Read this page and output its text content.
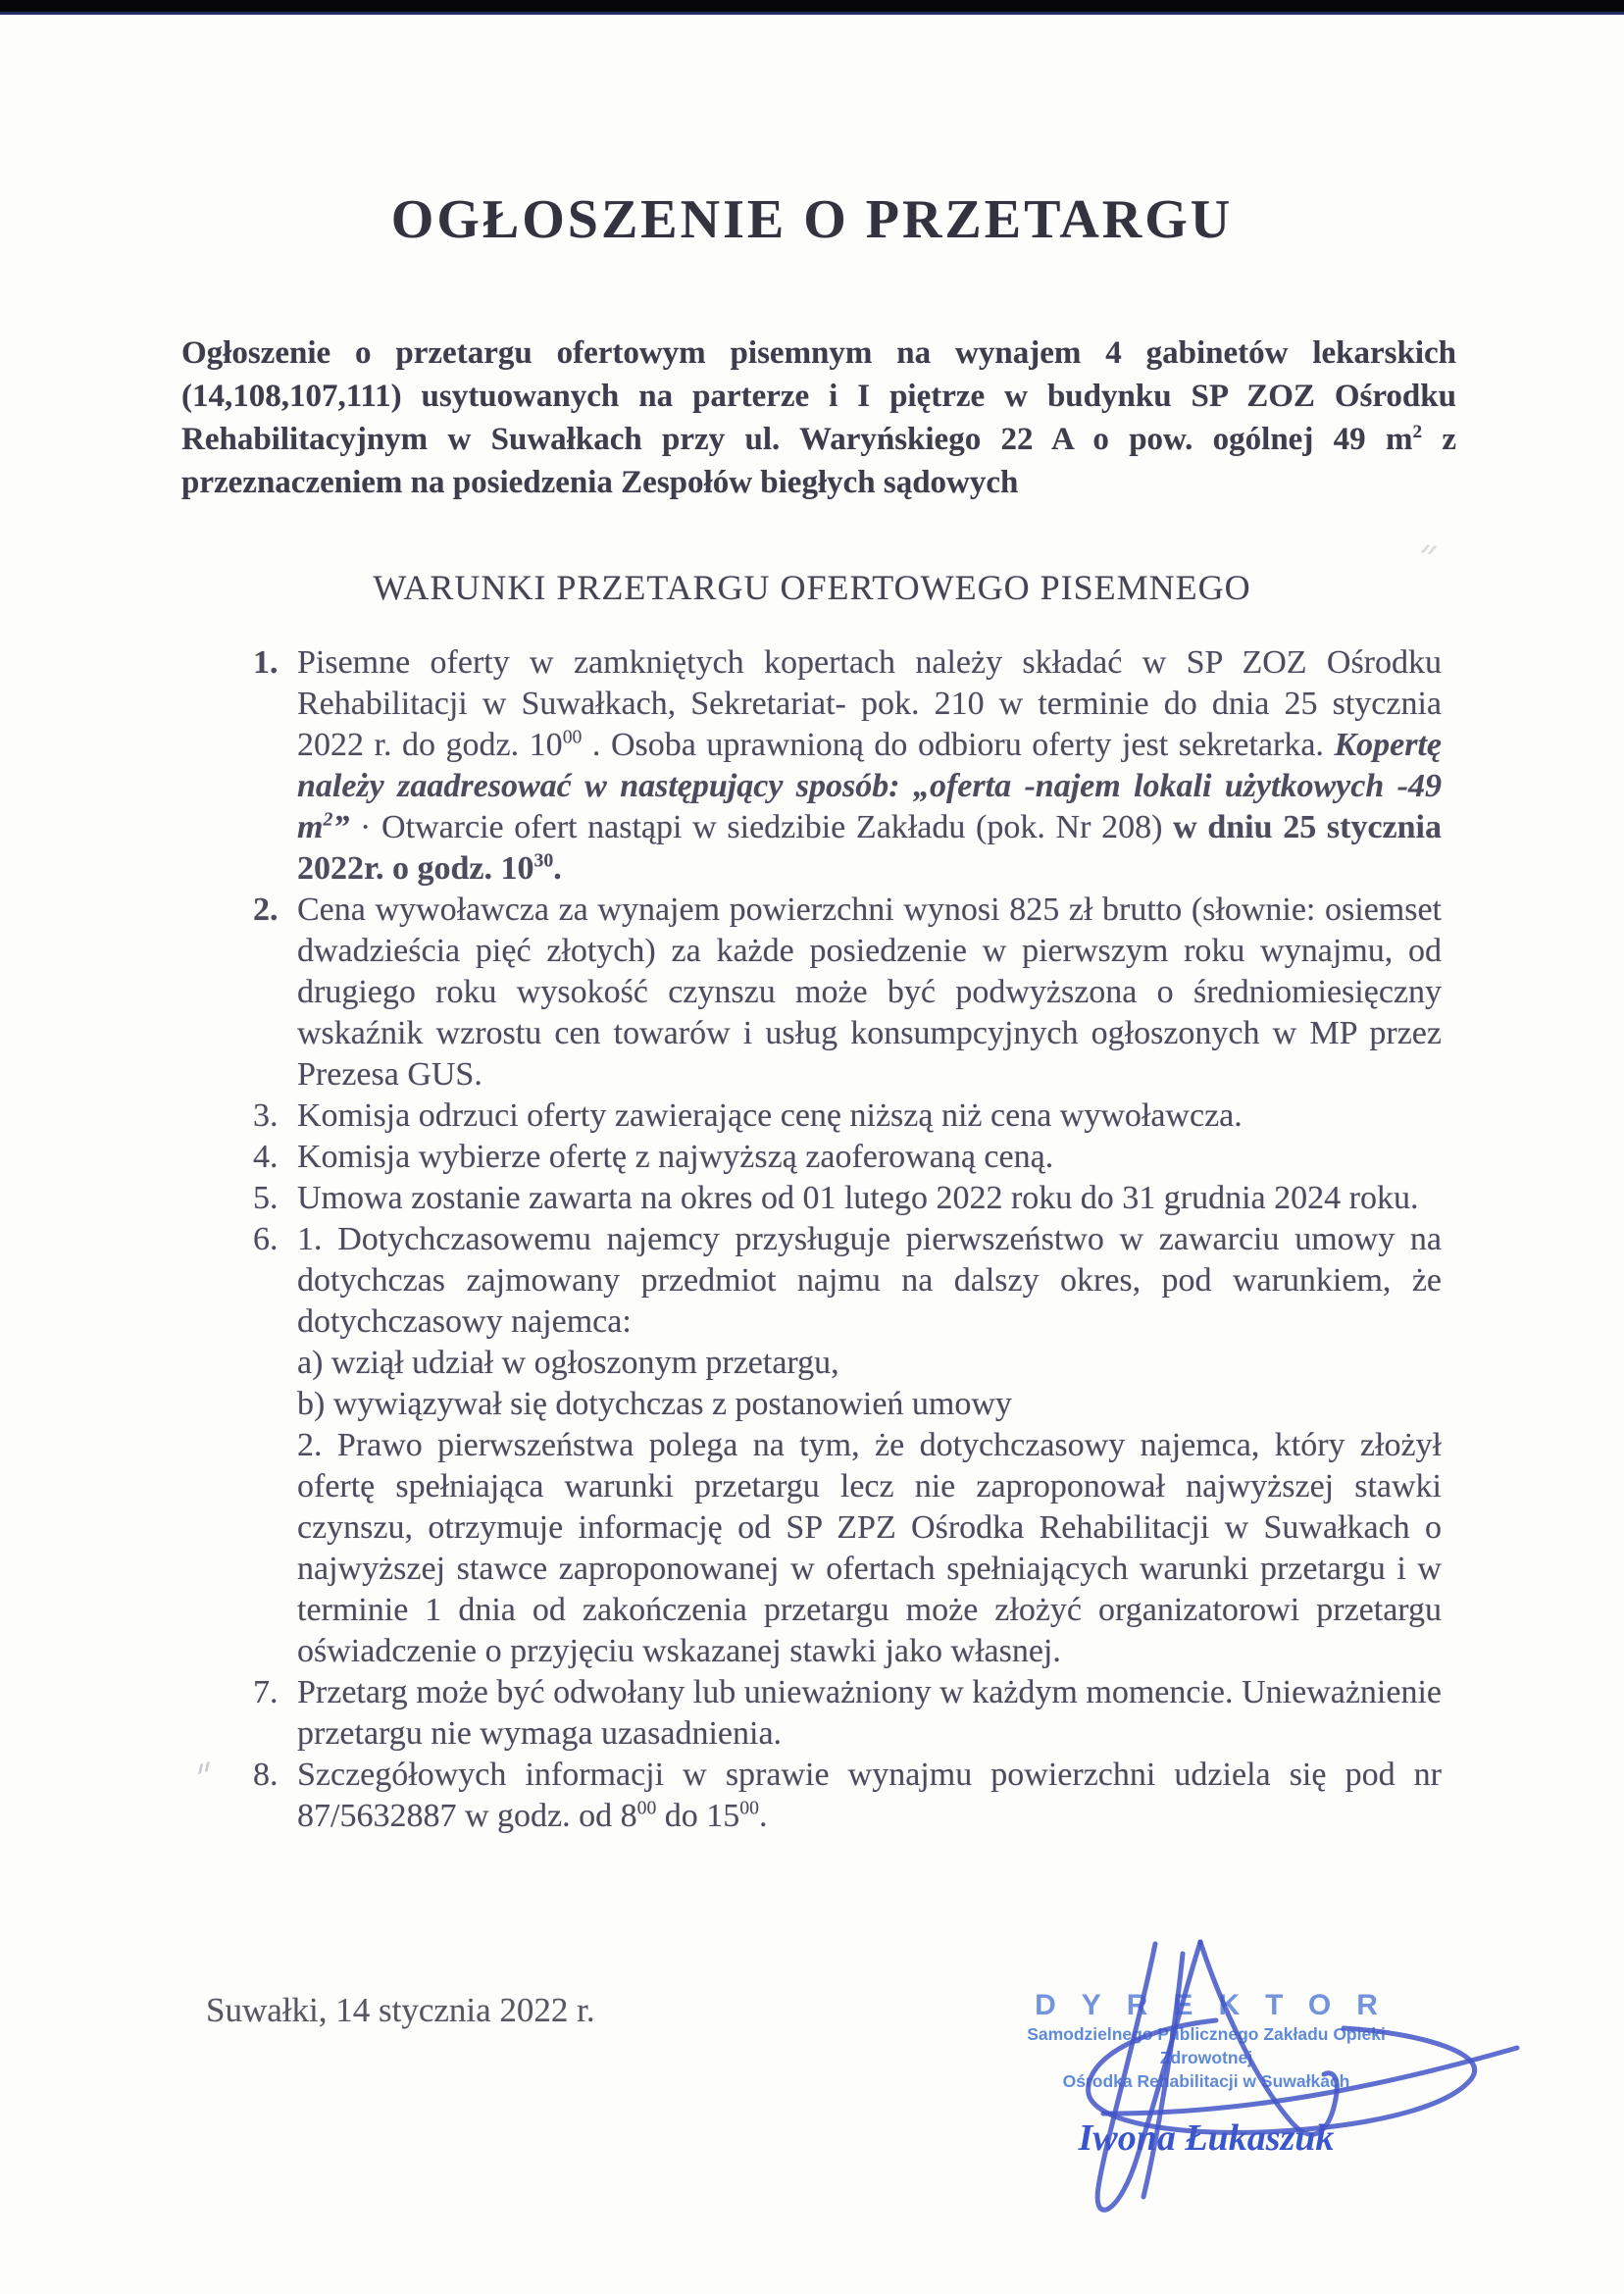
OGŁOSZENIE O PRZETARGU

Ogłoszenie o przetargu ofertowym pisemnym na wynajem 4 gabinetów lekarskich (14,108,107,111) usytuowanych na parterze i I piętrze w budynku SP ZOZ Ośrodku Rehabilitacyjnym w Suwałkach przy ul. Waryńskiego 22 A o pow. ogólnej 49 $m^2$ z przeznaczeniem na posiedzenia Zespołów biegłych sądowych

WARUNKI PRZETARGU OFERTOWEGO PISEMNEGO
1. Pisemne oferty w zamkniętych kopertach należy składać w SP ZOZ Ośrodku Rehabilitacji w Suwałkach, Sekretariat- pok. 210 w terminie do dnia 25 stycznia 2022 r. do godz. $10^{00}$ . Osoba uprawnioną do odbioru oferty jest sekretarka. Kopertę należy zaadresować w następujący sposób: „oferta -najem lokali użytkowych -49 $m^2$” · Otwarcie ofert nastąpi w siedzibie Zakładu (pok. Nr 208) w dniu 25 stycznia 2022r. o godz. $10^{30}$.
2. Cena wywoławcza za wynajem powierzchni wynosi 825 zł brutto (słownie: osiemset dwadzieścia pięć złotych) za każde posiedzenie w pierwszym roku wynajmu, od drugiego roku wysokość czynszu może być podwyższona o średniomiesięczny wskaźnik wzrostu cen towarów i usług konsumpcyjnych ogłoszonych w MP przez Prezesa GUS.
3. Komisja odrzuci oferty zawierające cenę niższą niż cena wywoławcza.
4. Komisja wybierze ofertę z najwyższą zaoferowaną ceną.
5. Umowa zostanie zawarta na okres od 01 lutego 2022 roku do 31 grudnia 2024 roku.
6. 1. Dotychczasowemu najemcy przysługuje pierwszeństwo w zawarciu umowy na dotychczas zajmowany przedmiot najmu na dalszy okres, pod warunkiem, że dotychczasowy najemca:
a) wziął udział w ogłoszonym przetargu,
b) wywiązywał się dotychczas z postanowień umowy
2. Prawo pierwszeństwa polega na tym, że dotychczasowy najemca, który złożył ofertę spełniająca warunki przetargu lecz nie zaproponował najwyższej stawki czynszu, otrzymuje informację od SP ZPZ Ośrodka Rehabilitacji w Suwałkach o najwyższej stawce zaproponowanej w ofertach spełniających warunki przetargu i w terminie 1 dnia od zakończenia przetargu może złożyć organizatorowi przetargu oświadczenie o przyjęciu wskazanej stawki jako własnej.
7. Przetarg może być odwołany lub unieważniony w każdym momencie. Unieważnienie przetargu nie wymaga uzasadnienia.
8. Szczegółowych informacji w sprawie wynajmu powierzchni udziela się pod nr 87/5632887 w godz. od $8^{00}$ do $15^{00}$.
Suwałki, 14 stycznia 2022 r.	DYREKTOR
Samodzielnego Publicznego Zakładu Opieki Zdrowotnej
Ośrodka Rehabilitacji w Suwałkach
Iwona Łukaszuk
